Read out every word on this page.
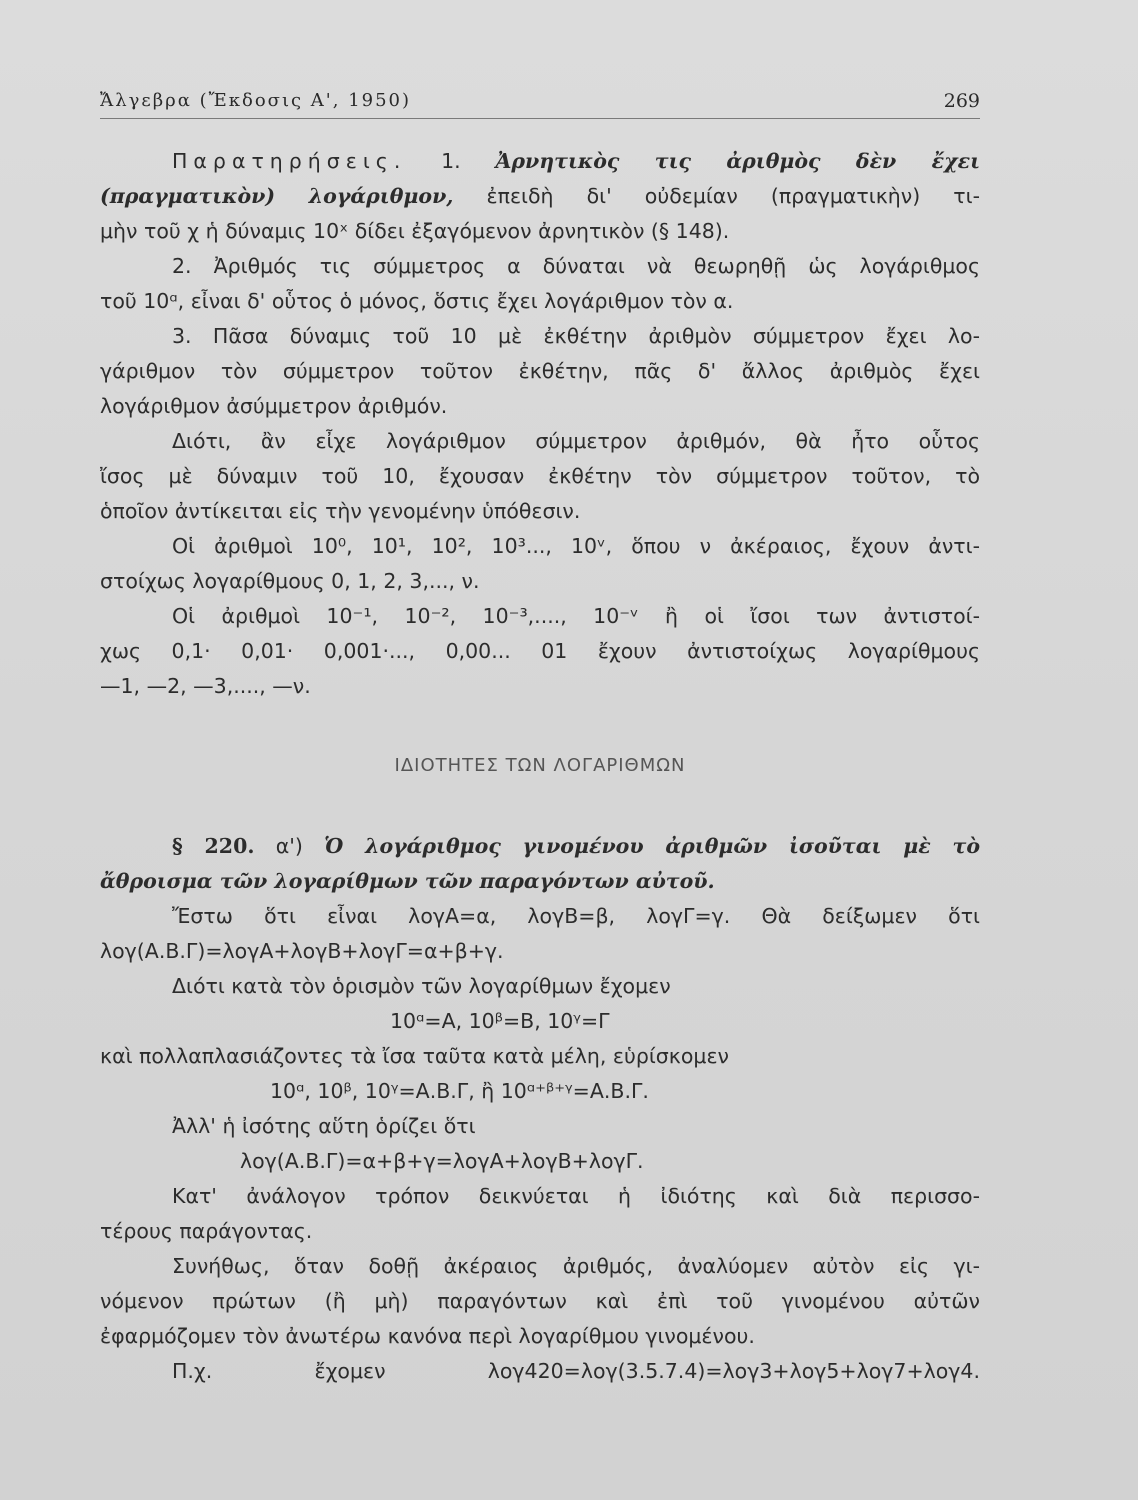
Ἄλγεβρα (Ἔκδοσις Α', 1950)	269
Παρατηρήσεις. 1. Ἀρνητικὸς τις ἀριθμὸς δὲν ἔχει
(πραγματικὸν) λογάριθμον, ἐπειδὴ δι' οὐδεμίαν (πραγματικὴν) τι-
μὴν τοῦ χ ἡ δύναμις 10ˣ δίδει ἐξαγόμενον ἀρνητικὸν (§ 148).
2. Ἀριθμός τις σύμμετρος α δύναται νὰ θεωρηθῇ ὡς λογάριθμος
τοῦ 10ᵅ, εἶναι δ' οὗτος ὁ μόνος, ὅστις ἔχει λογάριθμον τὸν α.
3. Πᾶσα δύναμις τοῦ 10 μὲ ἐκθέτην ἀριθμὸν σύμμετρον ἔχει λο-
γάριθμον τὸν σύμμετρον τοῦτον ἐκθέτην, πᾶς δ' ἄλλος ἀριθμὸς ἔχει
λογάριθμον ἀσύμμετρον ἀριθμόν.
Διότι, ἂν εἶχε λογάριθμον σύμμετρον ἀριθμόν, θὰ ἦτο οὗτος
ἴσος μὲ δύναμιν τοῦ 10, ἔχουσαν ἐκθέτην τὸν σύμμετρον τοῦτον, τὸ
ὁποῖον ἀντίκειται εἰς τὴν γενομένην ὑπόθεσιν.
Οἱ ἀριθμοὶ 10⁰, 10¹, 10², 10³..., 10ᵛ, ὅπου ν ἀκέραιος, ἔχουν ἀντι-
στοίχως λογαρίθμους 0, 1, 2, 3,..., ν.
Οἱ ἀριθμοὶ 10⁻¹, 10⁻², 10⁻³,...., 10⁻ᵛ ἢ οἱ ἴσοι των ἀντιστοί-
χως 0,1· 0,01· 0,001·..., 0,00... 01 ἔχουν ἀντιστοίχως λογαρίθμους
—1, —2, —3,...., —ν.
ΙΔΙΟΤΗΤΕΣ ΤΩΝ ΛΟΓΑΡΙΘΜΩΝ
§ 220. α') Ὁ λογάριθμος γινομένου ἀριθμῶν ἰσοῦται μὲ τὸ
ἄθροισμα τῶν λογαρίθμων τῶν παραγόντων αὐτοῦ.
Ἔστω ὅτι εἶναι λογΑ=α, λογΒ=β, λογΓ=γ. Θὰ δείξωμεν ὅτι
λογ(Α.Β.Γ)=λογΑ+λογΒ+λογΓ=α+β+γ.
Διότι κατὰ τὸν ὁρισμὸν τῶν λογαρίθμων ἔχομεν
10ᵅ=Α, 10ᵝ=Β, 10ᵞ=Γ
καὶ πολλαπλασιάζοντες τὰ ἴσα ταῦτα κατὰ μέλη, εὑρίσκομεν
10ᵅ, 10ᵝ, 10ᵞ=Α.Β.Γ, ἢ 10ᵅ⁺ᵝ⁺ᵞ=Α.Β.Γ.
Ἀλλ' ἡ ἰσότης αὕτη ὁρίζει ὅτι
λογ(Α.Β.Γ)=α+β+γ=λογΑ+λογΒ+λογΓ.
Κατ' ἀνάλογον τρόπον δεικνύεται ἡ ἰδιότης καὶ διὰ περισσο-
τέρους παράγοντας.
Συνήθως, ὅταν δοθῇ ἀκέραιος ἀριθμός, ἀναλύομεν αὐτὸν εἰς γι-
νόμενον πρώτων (ἢ μὴ) παραγόντων καὶ ἐπὶ τοῦ γινομένου αὐτῶν
ἐφαρμόζομεν τὸν ἀνωτέρω κανόνα περὶ λογαρίθμου γινομένου.
Π.χ. ἔχομεν λογ420=λογ(3.5.7.4)=λογ3+λογ5+λογ7+λογ4.
